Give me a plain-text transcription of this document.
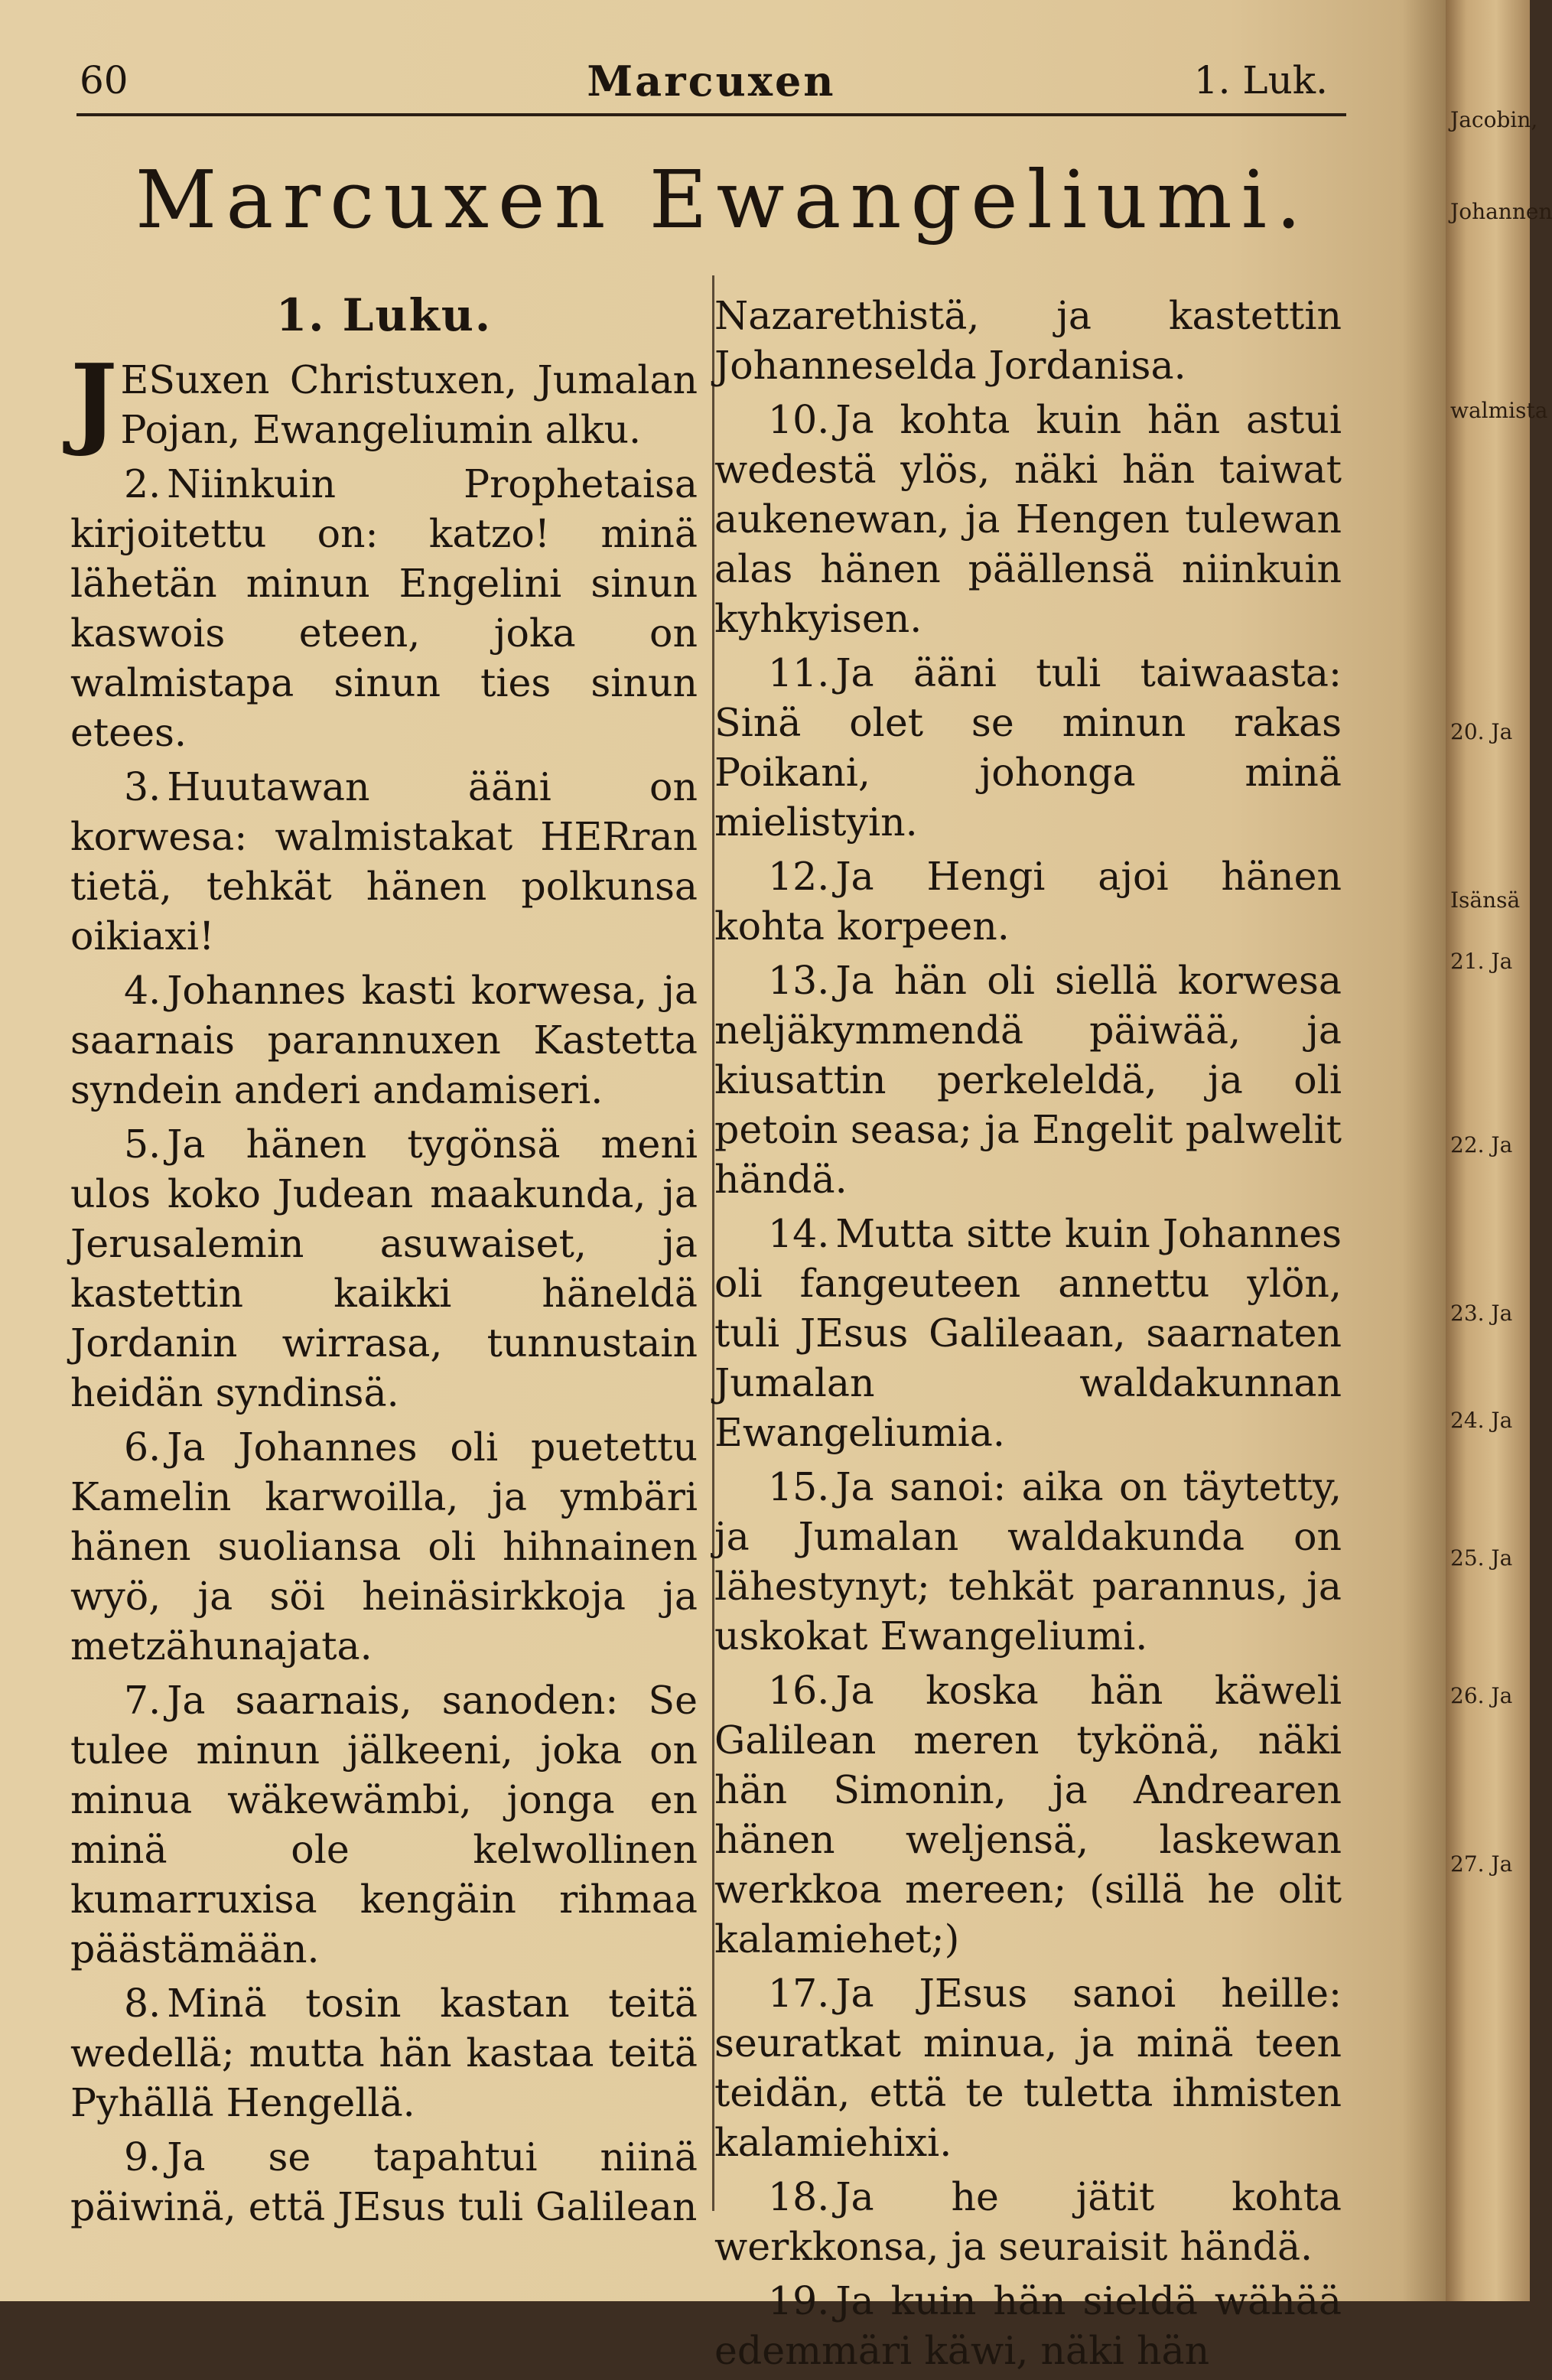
60	Marcuxen	1. Luk.
Marcuxen Ewangeliumi.
1. Luku.
J ESuxen Christuxen, Jumalan Pojan, Ewangeliumin alku.
2. Niinkuin Prophetaisa kirjoitettu on: katzo! minä lähetän minun Engelini sinun kaswois eteen, joka on walmistapa sinun ties sinun etees.
3. Huutawan ääni on korwesa: walmistakat HERran tietä, tehkät hänen polkunsa oikiaxi!
4. Johannes kasti korwesa, ja saarnais parannuxen Kastetta syndein anderi andamiseri.
5. Ja hänen tygönsä meni ulos koko Judean maakunda, ja Jerusalemin asuwaiset, ja kastettin kaikki häneldä Jordanin wirrasa, tunnustain heidän syndinsä.
6. Ja Johannes oli puetettu Kamelin karwoilla, ja ymbäri hänen suoliansa oli hihnainen wyö, ja söi heinäsirkkoja ja metzähunajata.
7. Ja saarnais, sanoden: Se tulee minun jälkeeni, joka on minua wäkewämbi, jonga en minä ole kelwollinen kumarruxisa kengäin rihmaa päästämään.
8. Minä tosin kastan teitä wedellä; mutta hän kastaa teitä Pyhällä Hengellä.
9. Ja se tapahtui niinä päiwinä, että JEsus tuli Galilean
Nazarethistä, ja kastettin Johanneselda Jordanisa.
10. Ja kohta kuin hän astui wedestä ylös, näki hän taiwat aukenewan, ja Hengen tulewan alas hänen päällensä niinkuin kyhkyisen.
11. Ja ääni tuli taiwaasta: Sinä olet se minun rakas Poikani, johonga minä mielistyin.
12. Ja Hengi ajoi hänen kohta korpeen.
13. Ja hän oli siellä korwesa neljäkymmendä päiwää, ja kiusattin perkeleldä, ja oli petoin seasa; ja Engelit palwelit händä.
14. Mutta sitte kuin Johannes oli fangeuteen annettu ylön, tuli JEsus Galileaan, saarnaten Jumalan waldakunnan Ewangeliumia.
15. Ja sanoi: aika on täytetty, ja Jumalan waldakunda on lähestynyt; tehkät parannus, ja uskokat Ewangeliumi.
16. Ja koska hän käweli Galilean meren tykönä, näki hän Simonin, ja Andrearen hänen weljensä, laskewan werkkoa mereen; (sillä he olit kalamiehet;)
17. Ja JEsus sanoi heille: seuratkat minua, ja minä teen teidän, että te tuletta ihmisten kalamiehixi.
18. Ja he jätit kohta werkkonsa, ja seuraisit händä.
19. Ja kuin hän sieldä wähää edemmäri käwi, näki hän
Jacobin,
Johannen
walmista
20. Ja
Isänsä
21. Ja
22. Ja
23. Ja
24. Ja
25. Ja
26. Ja
27. Ja
